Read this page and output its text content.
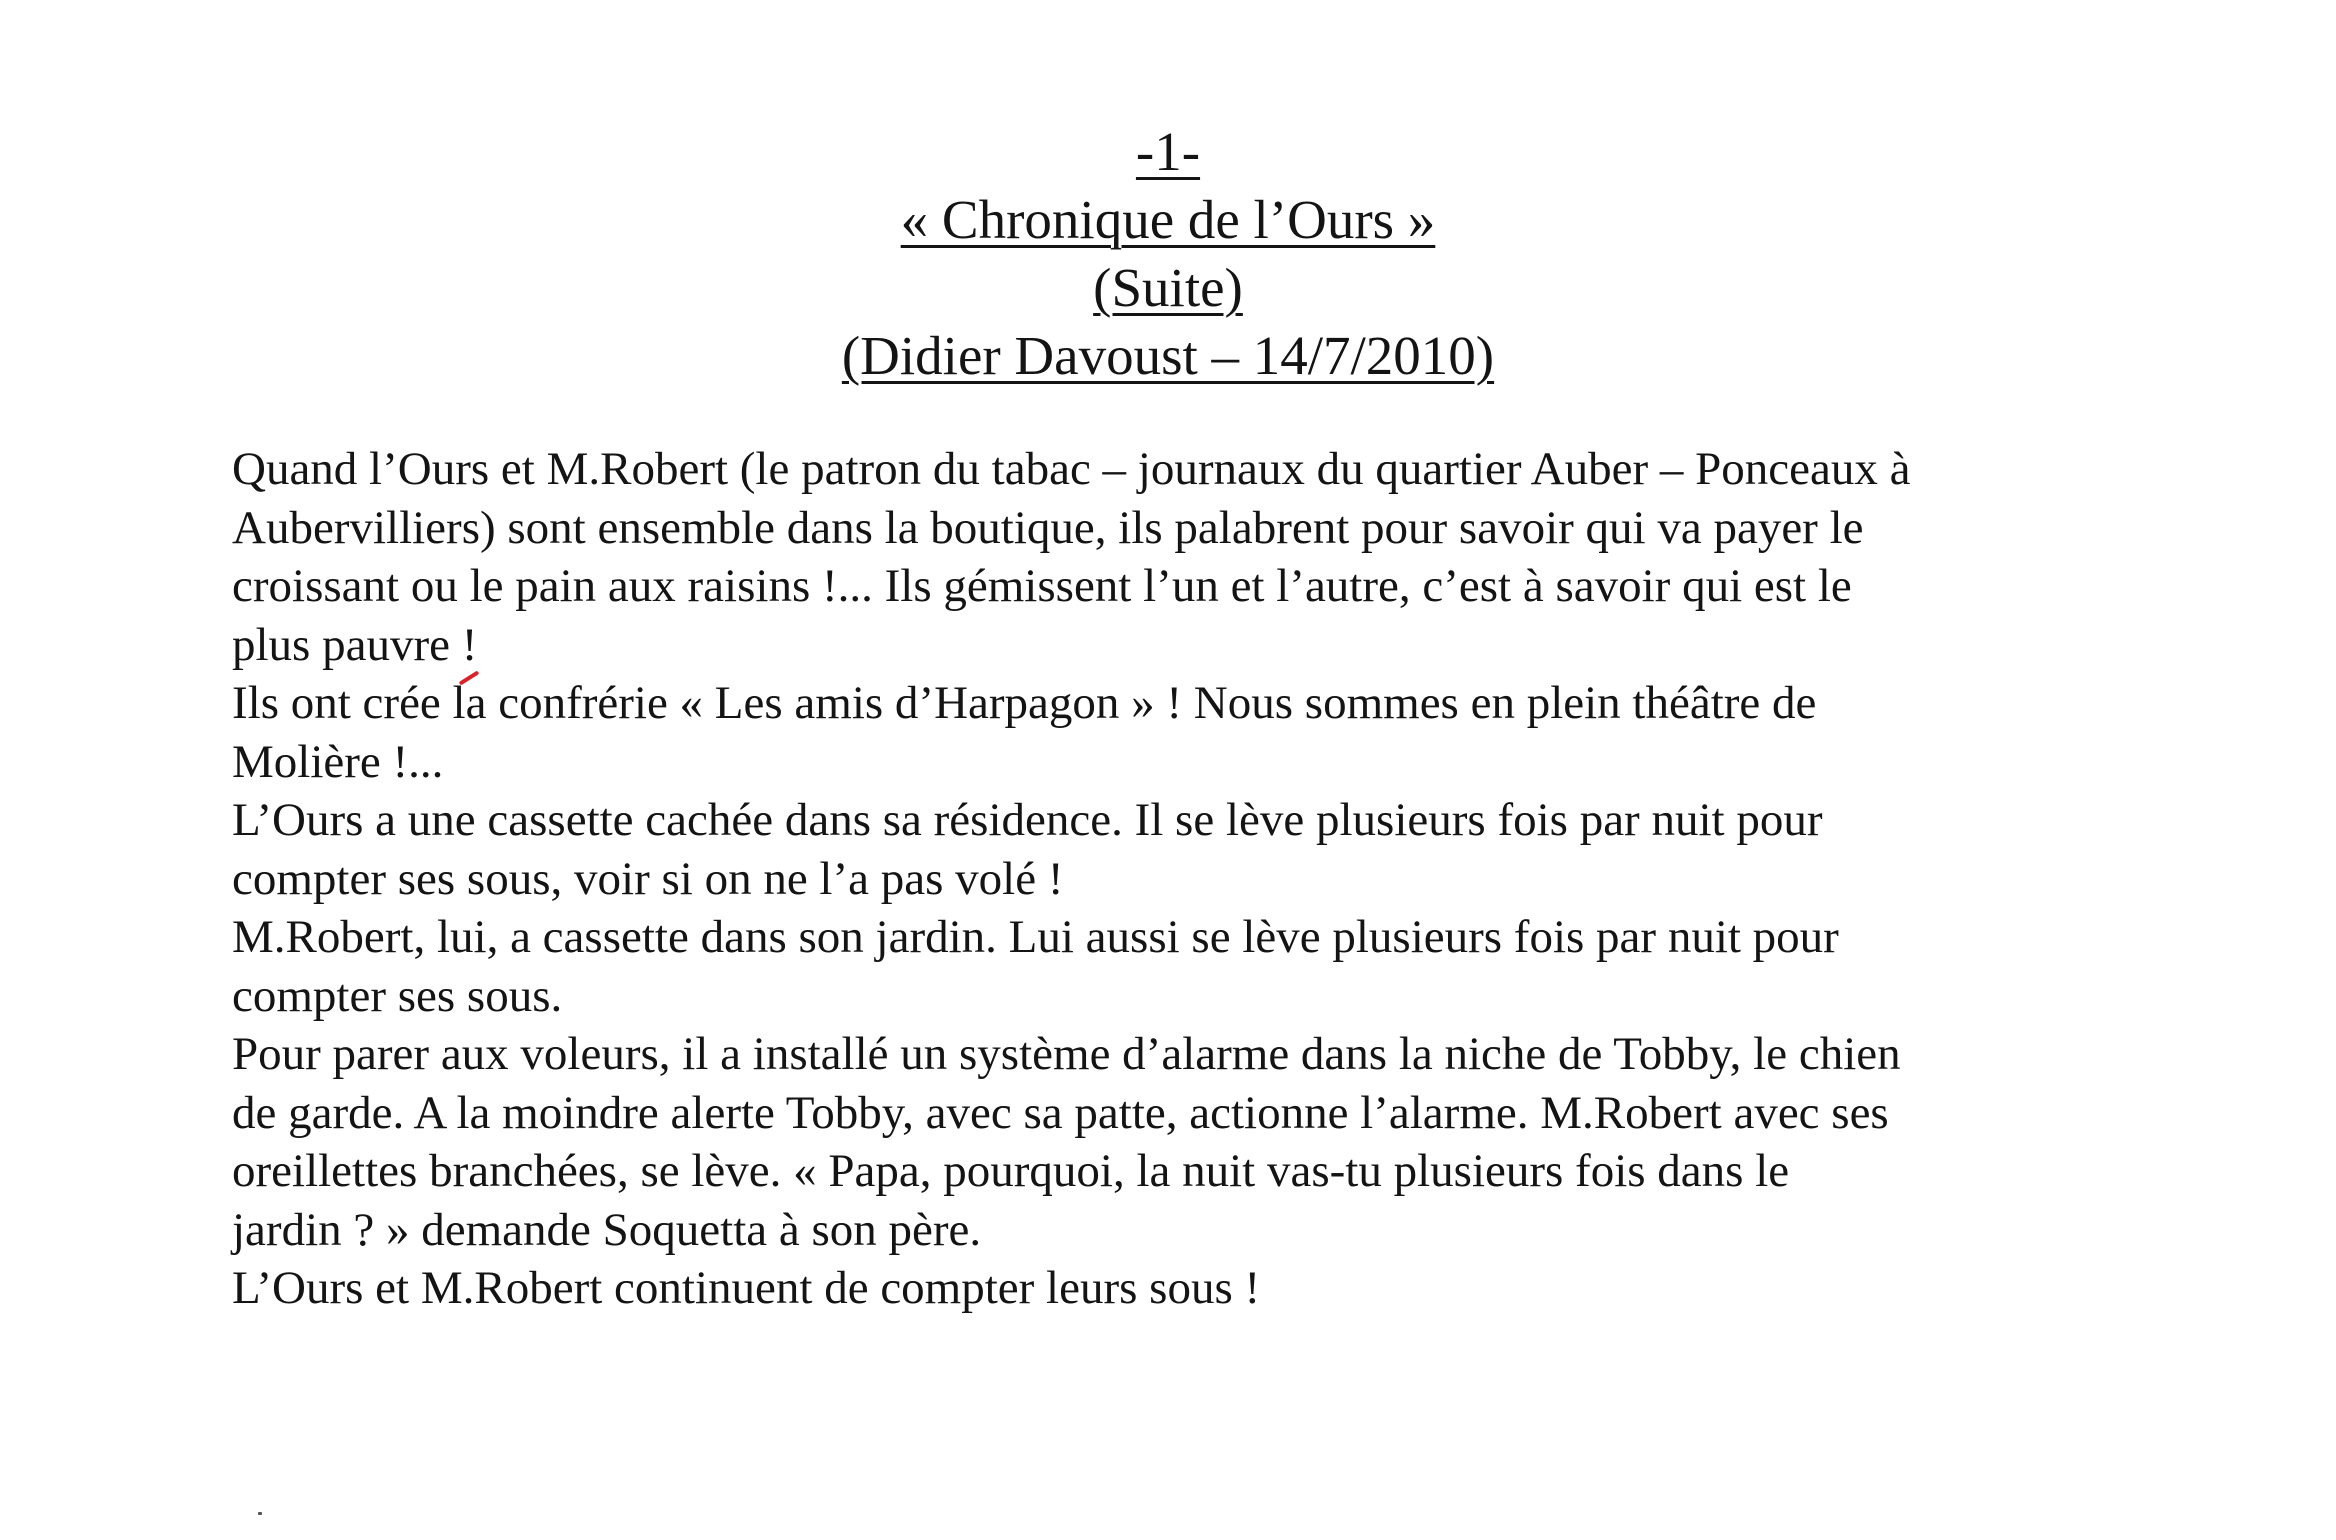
-1-
« Chronique de l’Ours »
(Suite)
(Didier Davoust – 14/7/2010)
Quand l’Ours et M.Robert (le patron du tabac – journaux du quartier Auber – Ponceaux à
Aubervilliers) sont ensemble dans la boutique, ils palabrent pour savoir qui va payer le
croissant ou le pain aux raisins !... Ils gémissent l’un et l’autre, c’est à savoir qui est le
plus pauvre !
Ils ont crée la confrérie « Les amis d’Harpagon » ! Nous sommes en plein théâtre de
Molière !...
L’Ours a une cassette cachée dans sa résidence. Il se lève plusieurs fois par nuit pour
compter ses sous, voir si on ne l’a pas volé !
M.Robert, lui, a cassette dans son jardin. Lui aussi se lève plusieurs fois par nuit pour
compter ses sous.
Pour parer aux voleurs, il a installé un système d’alarme dans la niche de Tobby, le chien
de garde. A la moindre alerte Tobby, avec sa patte, actionne l’alarme. M.Robert avec ses
oreillettes branchées, se lève. « Papa, pourquoi, la nuit vas-tu plusieurs fois dans le
jardin ? » demande Soquetta à son père.
L’Ours et M.Robert continuent de compter leurs sous !
